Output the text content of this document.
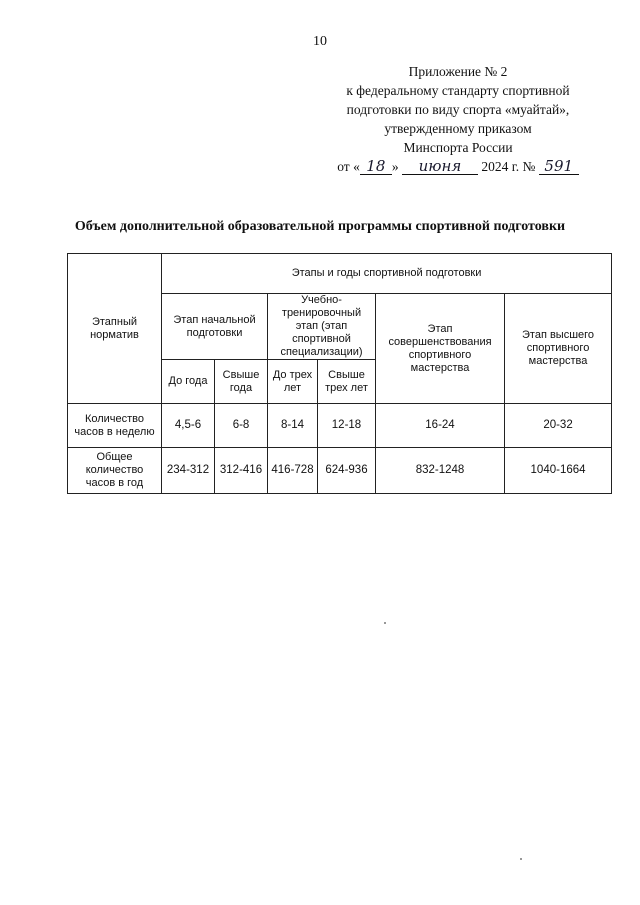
10
Приложение № 2
к федеральному стандарту спортивной
подготовки по виду спорта «муайтай»,
утвержденному приказом
Минспорта России
от « 18 » июня 2024 г. № 591
Объем дополнительной образовательной программы спортивной подготовки
Этапный норматив	Этапы и годы спортивной подготовки					
	Этап начальной подготовки		Учебно-тренировочный этап (этап спортивной специализации)		Этап совершенствования спортивного мастерства	Этап высшего спортивного мастерства
	До года	Свыше года	До трех лет	Свыше трех лет		
Количество часов в неделю	4,5-6	6-8	8-14	12-18	16-24	20-32
Общее количество часов в год	234-312	312-416	416-728	624-936	832-1248	1040-1664
